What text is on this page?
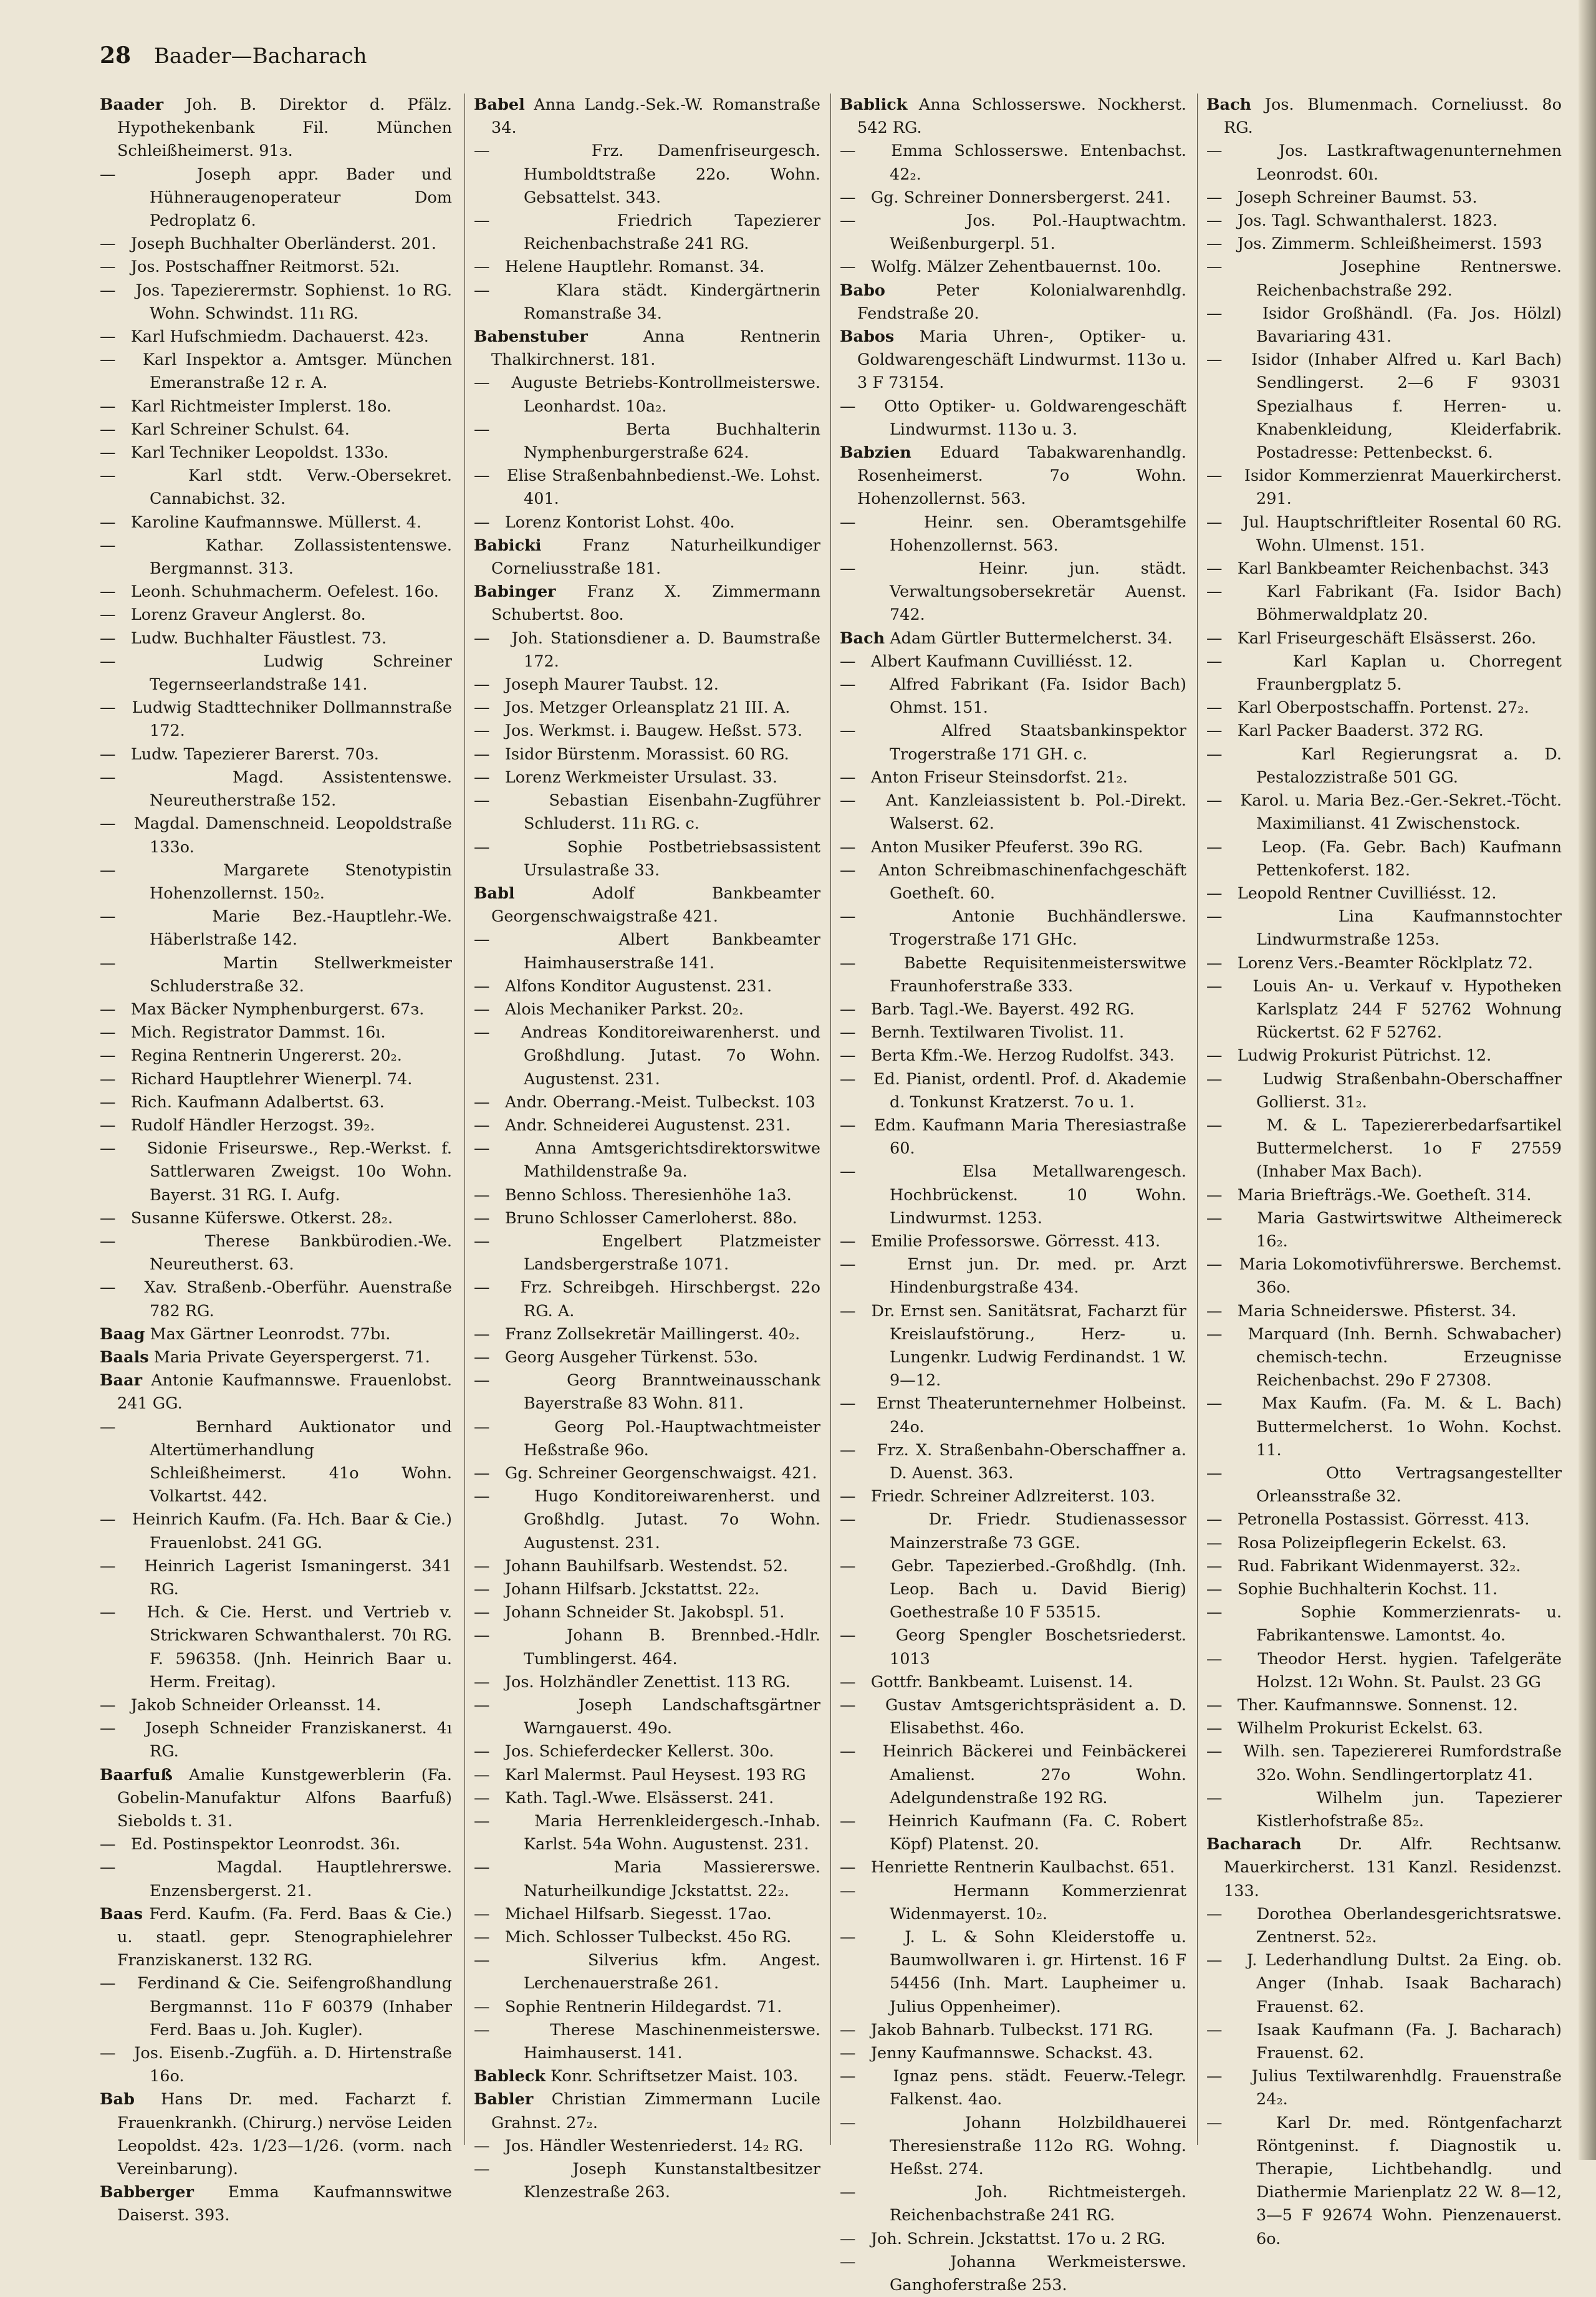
28 Baader—Bacharach
Baader Joh. B. Direktor d. Pfälz. Hypothekenbank Fil. München Schleißheimerst. 91з.
—   Joseph appr. Bader und Hühneraugenoperateur Dom Pedroplatz 6.
—   Joseph Buchhalter Oberländerst. 201.
—   Jos. Postschaffner Reitmorst. 52ı.
—   Jos. Tapezierermstr. Sophienst. 1o RG. Wohn. Schwindst. 11ı RG.
—   Karl Hufschmiedm. Dachauerst. 42з.
—   Karl Inspektor a. Amtsger. München Emeranstraße 12 r. A.
—   Karl Richtmeister Implerst. 18o.
—   Karl Schreiner Schulst. 64.
—   Karl Techniker Leopoldst. 133o.
—   Karl stdt. Verw.-Obersekret. Cannabichst. 32.
—   Karoline Kaufmannswe. Müllerst. 4.
—   Kathar. Zollassistentenswe. Bergmannst. 313.
—   Leonh. Schuhmacherm. Oefelest. 16o.
—   Lorenz Graveur Anglerst. 8o.
—   Ludw. Buchhalter Fäustlest. 73.
—   Ludwig Schreiner Tegernseerlandstraße 141.
—   Ludwig Stadttechniker Dollmannstraße 172.
—   Ludw. Tapezierer Barerst. 70з.
—   Magd. Assistentenswe. Neureutherstraße 152.
—   Magdal. Damenschneid. Leopoldstraße 133o.
—   Margarete Stenotypistin Hohenzollernst. 150₂.
—   Marie Bez.-Hauptlehr.-We. Häberlstraße 142.
—   Martin Stellwerkmeister Schluderstraße 32.
—   Max Bäcker Nymphenburgerst. 67з.
—   Mich. Registrator Dammst. 16ı.
—   Regina Rentnerin Ungererst. 20₂.
—   Richard Hauptlehrer Wienerpl. 74.
—   Rich. Kaufmann Adalbertst. 63.
—   Rudolf Händler Herzogst. 39₂.
—   Sidonie Friseurswe., Rep.-Werkst. f. Sattlerwaren Zweigst. 10o Wohn. Bayerst. 31 RG. I. Aufg.
—   Susanne Küferswe. Otkerst. 28₂.
—   Therese Bankbürodien.-We. Neureutherst. 63.
—   Xav. Straßenb.-Oberführ. Auenstraße 782 RG.
Baag Max Gärtner Leonrodst. 77bı.
Baals Maria Private Geyerspergerst. 71.
Baar Antonie Kaufmannswe. Frauenlobst. 241 GG.
—   Bernhard Auktionator und Altertümerhandlung Schleißheimerst. 41o Wohn. Volkartst. 442.
—   Heinrich Kaufm. (Fa. Hch. Baar & Cie.) Frauenlobst. 241 GG.
—   Heinrich Lagerist Ismaningerst. 341 RG.
—   Hch. & Cie. Herst. und Vertrieb v. Strickwaren Schwanthalerst. 70ı RG. F. 596358. (Jnh. Heinrich Baar u. Herm. Freitag).
—   Jakob Schneider Orleansst. 14.
—   Joseph Schneider Franziskanerst. 4ı RG.
Baarfuß Amalie Kunstgewerblerin (Fa. Gobelin-Manufaktur Alfons Baarfuß) Siebolds t. 31.
—   Ed. Postinspektor Leonrodst. 36ı.
—   Magdal. Hauptlehrerswe. Enzensbergerst. 21.
Baas Ferd. Kaufm. (Fa. Ferd. Baas & Cie.) u. staatl. gepr. Stenographielehrer Franziskanerst. 132 RG.
—   Ferdinand & Cie. Seifengroßhandlung Bergmannst. 11o F 60379 (Inhaber Ferd. Baas u. Joh. Kugler).
—   Jos. Eisenb.-Zugfüh. a. D. Hirtenstraße 16o.
Bab Hans Dr. med. Facharzt f. Frauenkrankh. (Chirurg.) nervöse Leiden Leopoldst. 42з. 1/23—1/26. (vorm. nach Vereinbarung).
Babberger Emma Kaufmannswitwe Daiserst. 393.
Babel Anna Landg.-Sek.-W. Romanstraße 34.
—   Frz. Damenfriseurgesch. Humboldtstraße 22o. Wohn. Gebsattelst. 343.
—   Friedrich Tapezierer Reichenbachstraße 241 RG.
—   Helene Hauptlehr. Romanst. 34.
—   Klara städt. Kindergärtnerin Romanstraße 34.
Babenstuber	Anna Rentnerin Thalkirchnerst. 181.
—   Auguste Betriebs-Kontrollmeisterswe. Leonhardst. 10a₂.
—   Berta Buchhalterin Nymphenburgerstraße 624.
—   Elise Straßenbahnbedienst.-We. Lohst. 401.
—   Lorenz Kontorist Lohst. 40o.
Babicki	Franz Naturheilkundiger Corneliusstraße 181.
Babinger Franz X. Zimmermann Schubertst. 8oo.
—   Joh. Stationsdiener a. D. Baumstraße 172.
—   Joseph Maurer Taubst. 12.
—   Jos. Metzger Orleansplatz 21 III. A.
—   Jos. Werkmst. i. Baugew. Heßst. 573.
—   Isidor Bürstenm. Morassist. 60 RG.
—   Lorenz Werkmeister Ursulast. 33.
—   Sebastian Eisenbahn-Zugführer Schluderst. 11ı RG. c.
—   Sophie Postbetriebsassistent Ursulastraße 33.
Babl	Adolf Bankbeamter Georgenschwaigstraße 421.
—   Albert Bankbeamter Haimhauserstraße 141.
—   Alfons Konditor Augustenst. 231.
—   Alois Mechaniker Parkst. 20₂.
—   Andreas Konditoreiwarenherst. und Großhdlung. Jutast. 7o Wohn. Augustenst. 231.
—   Andr. Oberrang.-Meist. Tulbeckst. 103
—   Andr. Schneiderei Augustenst. 231.
—   Anna Amtsgerichtsdirektorswitwe Mathildenstraße 9a.
—   Benno Schloss. Theresienhöhe 1a3.
—   Bruno Schlosser Camerloherst. 88o.
—   Engelbert Platzmeister Landsbergerstraße 1071.
—   Frz. Schreibgeh. Hirschbergst. 22o RG. A.
—   Franz Zollsekretär Maillingerst. 40₂.
—   Georg Ausgeher Türkenst. 53o.
—   Georg Branntweinausschank Bayerstraße 83 Wohn. 811.
—   Georg Pol.-Hauptwachtmeister Heßstraße 96o.
—   Gg. Schreiner Georgenschwaigst. 421.
—   Hugo Konditoreiwarenherst. und Großhdlg. Jutast. 7o Wohn. Augustenst. 231.
—   Johann Bauhilfsarb. Westendst. 52.
—   Johann Hilfsarb. Jckstattst. 22₂.
—   Johann Schneider St. Jakobspl. 51.
—   Johann B. Brennbed.-Hdlr. Tumblingerst. 464.
—   Jos. Holzhändler Zenettist. 113 RG.
—   Joseph Landschaftsgärtner Warngauerst. 49o.
—   Jos. Schieferdecker Kellerst. 30o.
—   Karl Malermst. Paul Heysest. 193 RG
—   Kath. Tagl.-Wwe. Elsässerst. 241.
—   Maria Herrenkleidergesch.-Inhab. Karlst. 54a Wohn. Augustenst. 231.
—   Maria Massiererswe. Naturheilkundige Jckstattst. 22₂.
—   Michael Hilfsarb. Siegesst. 17ao.
—   Mich. Schlosser Tulbeckst. 45o RG.
—   Silverius kfm. Angest. Lerchenauerstraße 261.
—   Sophie Rentnerin Hildegardst. 71.
—   Therese Maschinenmeisterswe. Haimhauserst. 141.
Bableck Konr. Schriftsetzer Maist. 103.
Babler Christian Zimmermann Lucile Grahnst. 27₂.
—   Jos. Händler Westenriederst. 14₂ RG.
—   Joseph Kunstanstaltbesitzer Klenzestraße 263.
Bablick Anna Schlosserswe. Nockherst. 542 RG.
—   Emma Schlosserswe. Entenbachst. 42₂.
—   Gg. Schreiner Donnersbergerst. 241.
—   Jos. Pol.-Hauptwachtm. Weißenburgerpl. 51.
—   Wolfg. Mälzer Zehentbauernst. 10o.
Babo	Peter Kolonialwarenhdlg. Fendstraße 20.
Babos Maria Uhren-, Optiker- u. Goldwarengeschäft Lindwurmst. 113o u. 3 F 73154.
—   Otto Optiker- u. Goldwarengeschäft Lindwurmst. 113o u. 3.
Babzien Eduard Tabakwarenhandlg. Rosenheimerst. 7o Wohn. Hohenzollernst. 563.
—   Heinr. sen. Oberamtsgehilfe Hohenzollernst. 563.
—   Heinr. jun. städt. Verwaltungsobersekretär Auenst. 742.
Bach Adam Gürtler Buttermelcherst. 34.
—   Albert Kaufmann Cuvilliésst. 12.
—   Alfred Fabrikant (Fa. Isidor Bach) Ohmst. 151.
—   Alfred Staatsbankinspektor Trogerstraße 171 GH. c.
—   Anton Friseur Steinsdorfst. 21₂.
—   Ant. Kanzleiassistent b. Pol.-Direkt. Walserst. 62.
—   Anton Musiker Pfeuferst. 39o RG.
—   Anton Schreibmaschinenfachgeschäft Goetheſt. 60.
—   Antonie Buchhändlerswe. Trogerstraße 171 GHc.
—   Babette Requisitenmeisterswitwe Fraunhoferstraße 333.
—   Barb. Tagl.-We. Bayerst. 492 RG.
—   Bernh. Textilwaren Tivolist. 11.
—   Berta Kfm.-We. Herzog Rudolfst. 343.
—   Ed. Pianist, ordentl. Prof. d. Akademie d. Tonkunst Kratzerst. 7o u. 1.
—   Edm. Kaufmann Maria Theresiastraße 60.
—   Elsa Metallwarengesch. Hochbrückenst. 10 Wohn. Lindwurmst. 1253.
—   Emilie Professorswe. Görresst. 413.
—   Ernst jun. Dr. med. pr. Arzt Hindenburgstraße 434.
—   Dr. Ernst sen. Sanitätsrat, Facharzt für Kreislaufstörung., Herz- u. Lungenkr. Ludwig Ferdinandst. 1 W. 9—12.
—   Ernst Theaterunternehmer Holbeinst. 24o.
—   Frz. X. Straßenbahn-Oberschaffner a. D. Auenst. 363.
—   Friedr. Schreiner Adlzreiterst. 103.
—   Dr. Friedr. Studienassessor Mainzerstraße 73 GGE.
—   Gebr. Tapezierbed.-Großhdlg. (Inh. Leop. Bach u. David Bierig) Goethestraße 10 F 53515.
—   Georg Spengler Boschetsriederst. 1013
—   Gottfr. Bankbeamt. Luisenst. 14.
—   Gustav Amtsgerichtspräsident a. D. Elisabethst. 46o.
—   Heinrich Bäckerei und Feinbäckerei Amalienst. 27o Wohn. Adelgundenstraße 192 RG.
—   Heinrich Kaufmann (Fa. C. Robert Köpf) Platenst. 20.
—   Henriette Rentnerin Kaulbachst. 651.
—   Hermann Kommerzienrat Widenmayerst. 10₂.
—   J. L. & Sohn Kleiderstoffe u. Baumwollwaren i. gr. Hirtenst. 16 F 54456 (Inh. Mart. Laupheimer u. Julius Oppenheimer).
—   Jakob Bahnarb. Tulbeckst. 171 RG.
—   Jenny Kaufmannswe. Schackst. 43.
—   Ignaz pens. städt. Feuerw.-Telegr. Falkenst. 4ao.
—   Johann Holzbildhauerei Theresienstraße 112o RG. Wohng. Heßst. 274.
—   Joh. Richtmeistergeh. Reichenbachstraße 241 RG.
—   Joh. Schrein. Jckstattst. 17o u. 2 RG.
—   Johanna Werkmeisterswe. Ganghoferstraße 253.
Bach Jos. Blumenmach. Corneliusst. 8o RG.
—   Jos. Lastkraftwagenunternehmen Leonrodst. 60ı.
—   Joseph Schreiner Baumst. 53.
—   Jos. Tagl. Schwanthalerst. 1823.
—   Jos. Zimmerm. Schleißheimerst. 1593
—   Josephine Rentnerswe. Reichenbachstraße 292.
—   Isidor Großhändl. (Fa. Jos. Hölzl) Bavariaring 431.
—   Isidor (Inhaber Alfred u. Karl Bach) Sendlingerst. 2—6 F 93031 Spezialhaus f. Herren- u. Knabenkleidung, Kleiderfabrik. Postadresse: Pettenbeckst. 6.
—   Isidor Kommerzienrat Mauerkircherst. 291.
—   Jul. Hauptschriftleiter Rosental 60 RG. Wohn. Ulmenst. 151.
—   Karl Bankbeamter Reichenbachst. 343
—   Karl Fabrikant (Fa. Isidor Bach) Böhmerwaldplatz 20.
—   Karl Friseurgeschäft Elsässerst. 26o.
—   Karl Kaplan u. Chorregent Fraunbergplatz 5.
—   Karl Oberpostschaffn. Portenst. 27₂.
—   Karl Packer Baaderst. 372 RG.
—   Karl Regierungsrat a. D. Pestalozzistraße 501 GG.
—   Karol. u. Maria Bez.-Ger.-Sekret.-Töcht. Maximilianst. 41 Zwischenstock.
—   Leop. (Fa. Gebr. Bach) Kaufmann Pettenkoferst. 182.
—   Leopold Rentner Cuvilliésst. 12.
—   Lina Kaufmannstochter Lindwurmstraße 125з.
—   Lorenz Vers.-Beamter Röcklplatz 72.
—   Louis An- u. Verkauf v. Hypotheken Karlsplatz 244 F 52762 Wohnung Rückertst. 62 F 52762.
—   Ludwig Prokurist Pütrichst. 12.
—   Ludwig Straßenbahn-Oberschaffner Gollierst. 31₂.
—   M. & L. Tapeziererbedarfsartikel Buttermelcherst. 1o F 27559 (Inhaber Max Bach).
—   Maria Briefträgs.-We. Goetheſt. 314.
—   Maria Gastwirtswitwe Altheimereck 16₂.
—   Maria Lokomotivführerswe. Berchemst. 36o.
—   Maria Schneiderswe. Pfisterst. 34.
—   Marquard (Inh. Bernh. Schwabacher) chemisch-techn. Erzeugnisse Reichenbachst. 29o F 27308.
—   Max Kaufm. (Fa. M. & L. Bach) Buttermelcherst. 1o Wohn. Kochst. 11.
—   Otto Vertragsangestellter Orleansstraße 32.
—   Petronella Postassist. Görresst. 413.
—   Rosa Polizeipflegerin Eckelst. 63.
—   Rud. Fabrikant Widenmayerst. 32₂.
—   Sophie Buchhalterin Kochst. 11.
—   Sophie Kommerzienrats- u. Fabrikantenswe. Lamontst. 4o.
—   Theodor Herst. hygien. Tafelgeräte Holzst. 12ı Wohn. St. Paulst. 23 GG
—   Ther. Kaufmannswe. Sonnenst. 12.
—   Wilhelm Prokurist Eckelst. 63.
—   Wilh. sen. Tapeziererei Rumfordstraße 32o. Wohn. Sendlingertorplatz 41.
—   Wilhelm jun. Tapezierer Kistlerhofstraße 85₂.
Bacharach Dr. Alfr. Rechtsanw. Mauerkircherst. 131 Kanzl. Residenzst. 133.
—   Dorothea Oberlandesgerichtsratswe. Zentnerst. 52₂.
—   J. Lederhandlung Dultst. 2a Eing. ob. Anger (Inhab. Isaak Bacharach) Frauenst. 62.
—   Isaak Kaufmann (Fa. J. Bacharach) Frauenst. 62.
—   Julius Textilwarenhdlg. Frauenstraße 24₂.
—   Karl Dr. med. Röntgenfacharzt Röntgeninst. f. Diagnostik u. Therapie, Lichtbehandlg. und Diathermie Marienplatz 22 W. 8—12, 3—5 F 92674 Wohn. Pienzenauerst. 6o.
